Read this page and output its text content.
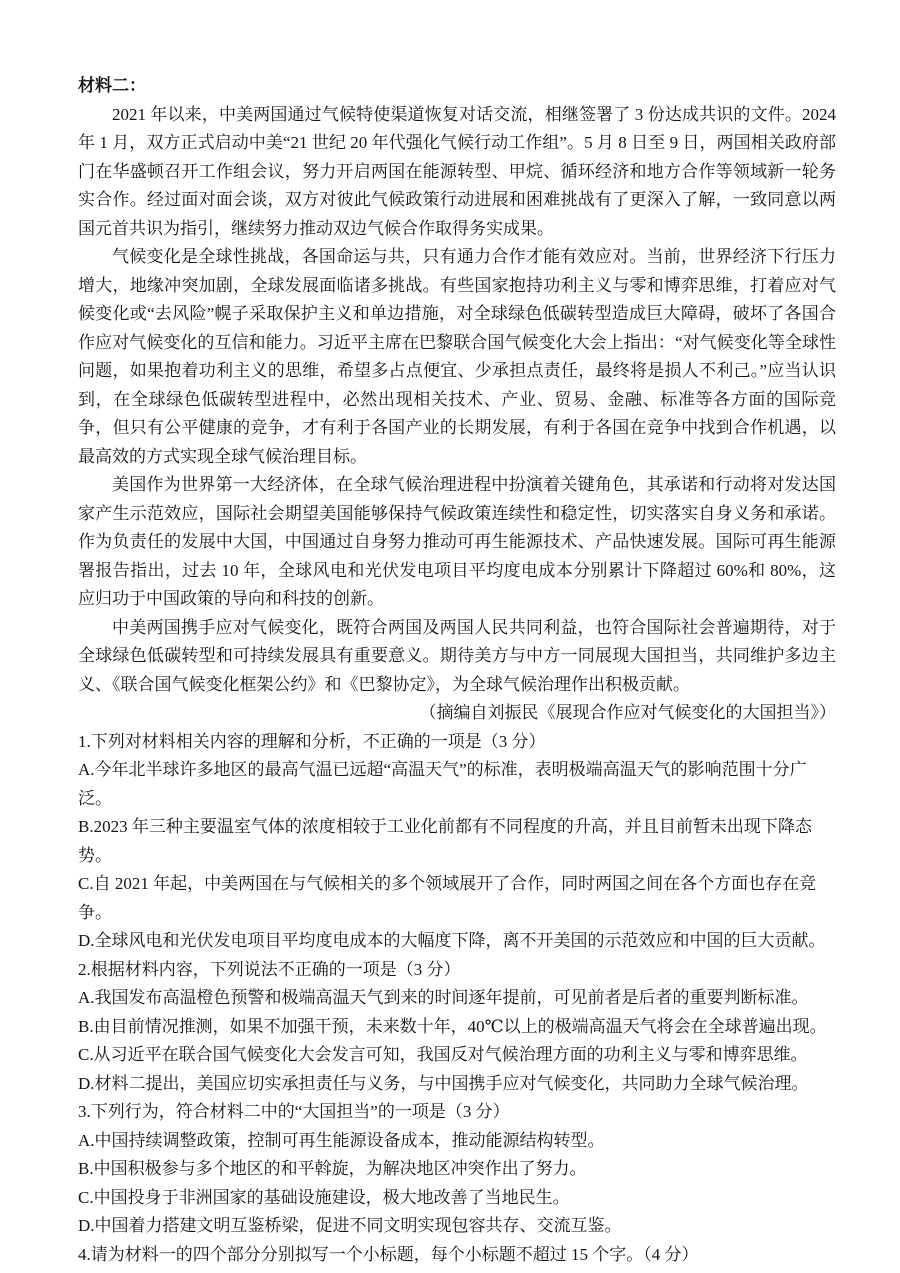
材料二：

2021 年以来，中美两国通过气候特使渠道恢复对话交流，相继签署了 3 份达成共识的文件。2024 年 1 月，双方正式启动中美“21 世纪 20 年代强化气候行动工作组”。5 月 8 日至 9 日，两国相关政府部门在华盛顿召开工作组会议，努力开启两国在能源转型、甲烷、循环经济和地方合作等领域新一轮务实合作。经过面对面会谈，双方对彼此气候政策行动进展和困难挑战有了更深入了解，一致同意以两国元首共识为指引，继续努力推动双边气候合作取得务实成果。

气候变化是全球性挑战，各国命运与共，只有通力合作才能有效应对。当前，世界经济下行压力增大，地缘冲突加剧，全球发展面临诸多挑战。有些国家抱持功利主义与零和博弈思维，打着应对气候变化或“去风险”幌子采取保护主义和单边措施，对全球绿色低碳转型造成巨大障碍，破坏了各国合作应对气候变化的互信和能力。习近平主席在巴黎联合国气候变化大会上指出：“对气候变化等全球性问题，如果抱着功利主义的思维，希望多占点便宜、少承担点责任，最终将是损人不利己。”应当认识到，在全球绿色低碳转型进程中，必然出现相关技术、产业、贸易、金融、标准等各方面的国际竞争，但只有公平健康的竞争，才有利于各国产业的长期发展，有利于各国在竞争中找到合作机遇，以最高效的方式实现全球气候治理目标。

美国作为世界第一大经济体，在全球气候治理进程中扮演着关键角色，其承诺和行动将对发达国家产生示范效应，国际社会期望美国能够保持气候政策连续性和稳定性，切实落实自身义务和承诺。作为负责任的发展中大国，中国通过自身努力推动可再生能源技术、产品快速发展。国际可再生能源署报告指出，过去 10 年，全球风电和光伏发电项目平均度电成本分别累计下降超过 60%和 80%，这应归功于中国政策的导向和科技的创新。

中美两国携手应对气候变化，既符合两国及两国人民共同利益，也符合国际社会普遍期待，对于全球绿色低碳转型和可持续发展具有重要意义。期待美方与中方一同展现大国担当，共同维护多边主义、《联合国气候变化框架公约》和《巴黎协定》，为全球气候治理作出积极贡献。

（摘编自刘振民《展现合作应对气候变化的大国担当》）

1.下列对材料相关内容的理解和分析，不正确的一项是（3 分）

A.今年北半球许多地区的最高气温已远超“高温天气”的标准，表明极端高温天气的影响范围十分广泛。

B.2023 年三种主要温室气体的浓度相较于工业化前都有不同程度的升高，并且目前暂未出现下降态势。

C.自 2021 年起，中美两国在与气候相关的多个领域展开了合作，同时两国之间在各个方面也存在竞争。

D.全球风电和光伏发电项目平均度电成本的大幅度下降，离不开美国的示范效应和中国的巨大贡献。

2.根据材料内容，下列说法不正确的一项是（3 分）

A.我国发布高温橙色预警和极端高温天气到来的时间逐年提前，可见前者是后者的重要判断标准。

B.由目前情况推测，如果不加强干预，未来数十年，40℃以上的极端高温天气将会在全球普遍出现。

C.从习近平在联合国气候变化大会发言可知，我国反对气候治理方面的功利主义与零和博弈思维。

D.材料二提出，美国应切实承担责任与义务，与中国携手应对气候变化，共同助力全球气候治理。

3.下列行为，符合材料二中的“大国担当”的一项是（3 分）

A.中国持续调整政策，控制可再生能源设备成本，推动能源结构转型。

B.中国积极参与多个地区的和平斡旋，为解决地区冲突作出了努力。

C.中国投身于非洲国家的基础设施建设，极大地改善了当地民生。

D.中国着力搭建文明互鉴桥梁，促进不同文明实现包容共存、交流互鉴。

4.请为材料一的四个部分分别拟写一个小标题，每个小标题不超过 15 个字。（4 分）
